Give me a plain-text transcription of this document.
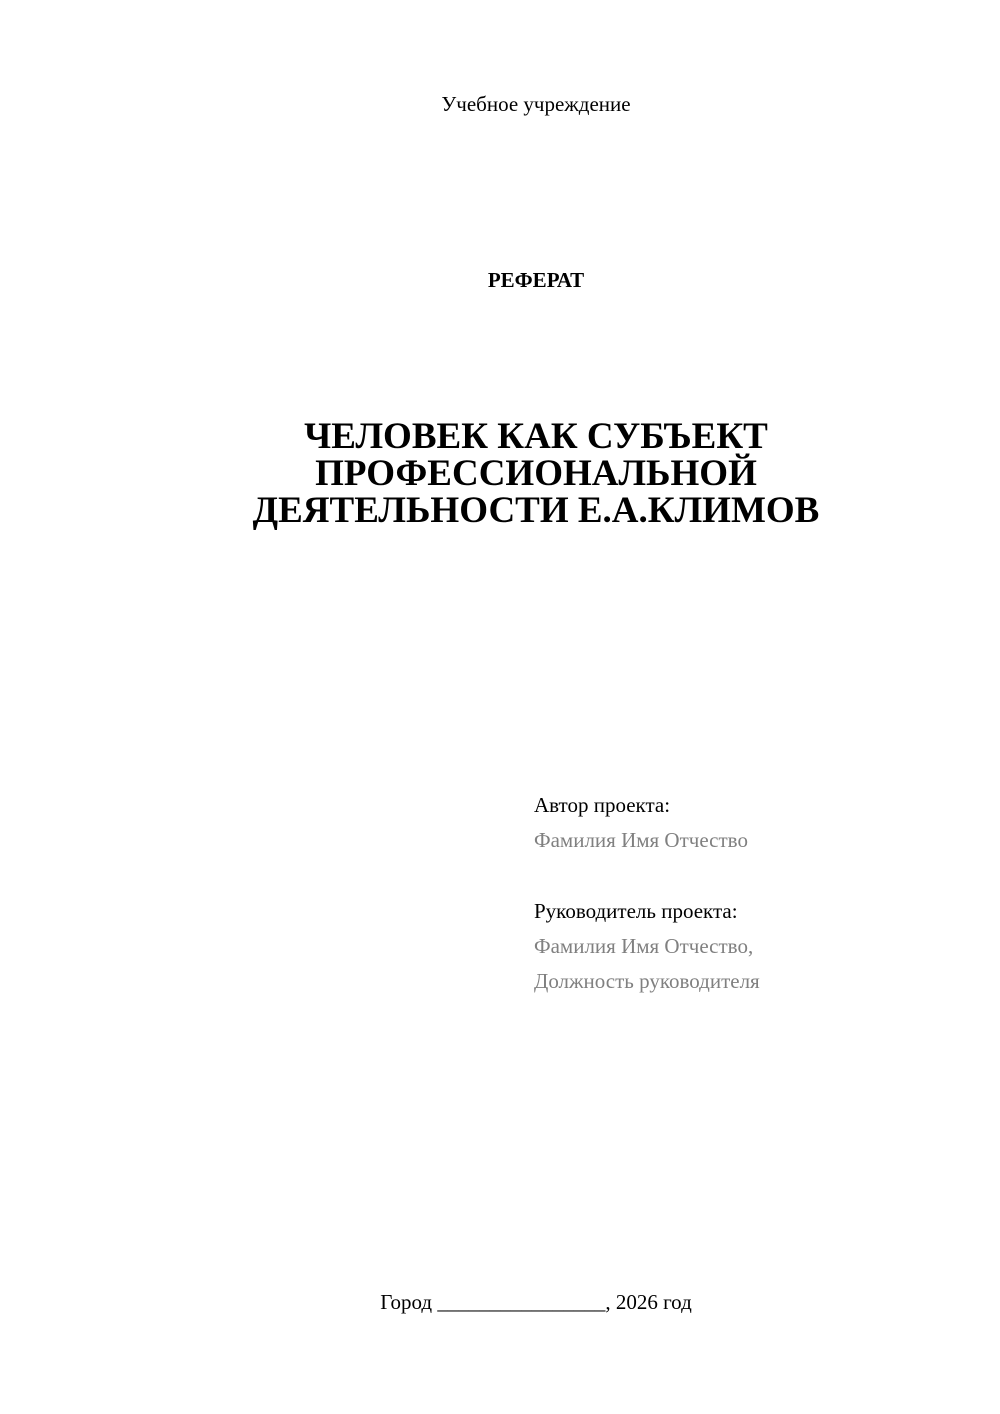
Учебное учреждение
РЕФЕРАТ
ЧЕЛОВЕК КАК СУБЪЕКТ
ПРОФЕССИОНАЛЬНОЙ
ДЕЯТЕЛЬНОСТИ Е.А.КЛИМОВ
Автор проекта:
Фамилия Имя Отчество
Руководитель проекта:
Фамилия Имя Отчество,
Должность руководителя
Город ________________, 2026 год
